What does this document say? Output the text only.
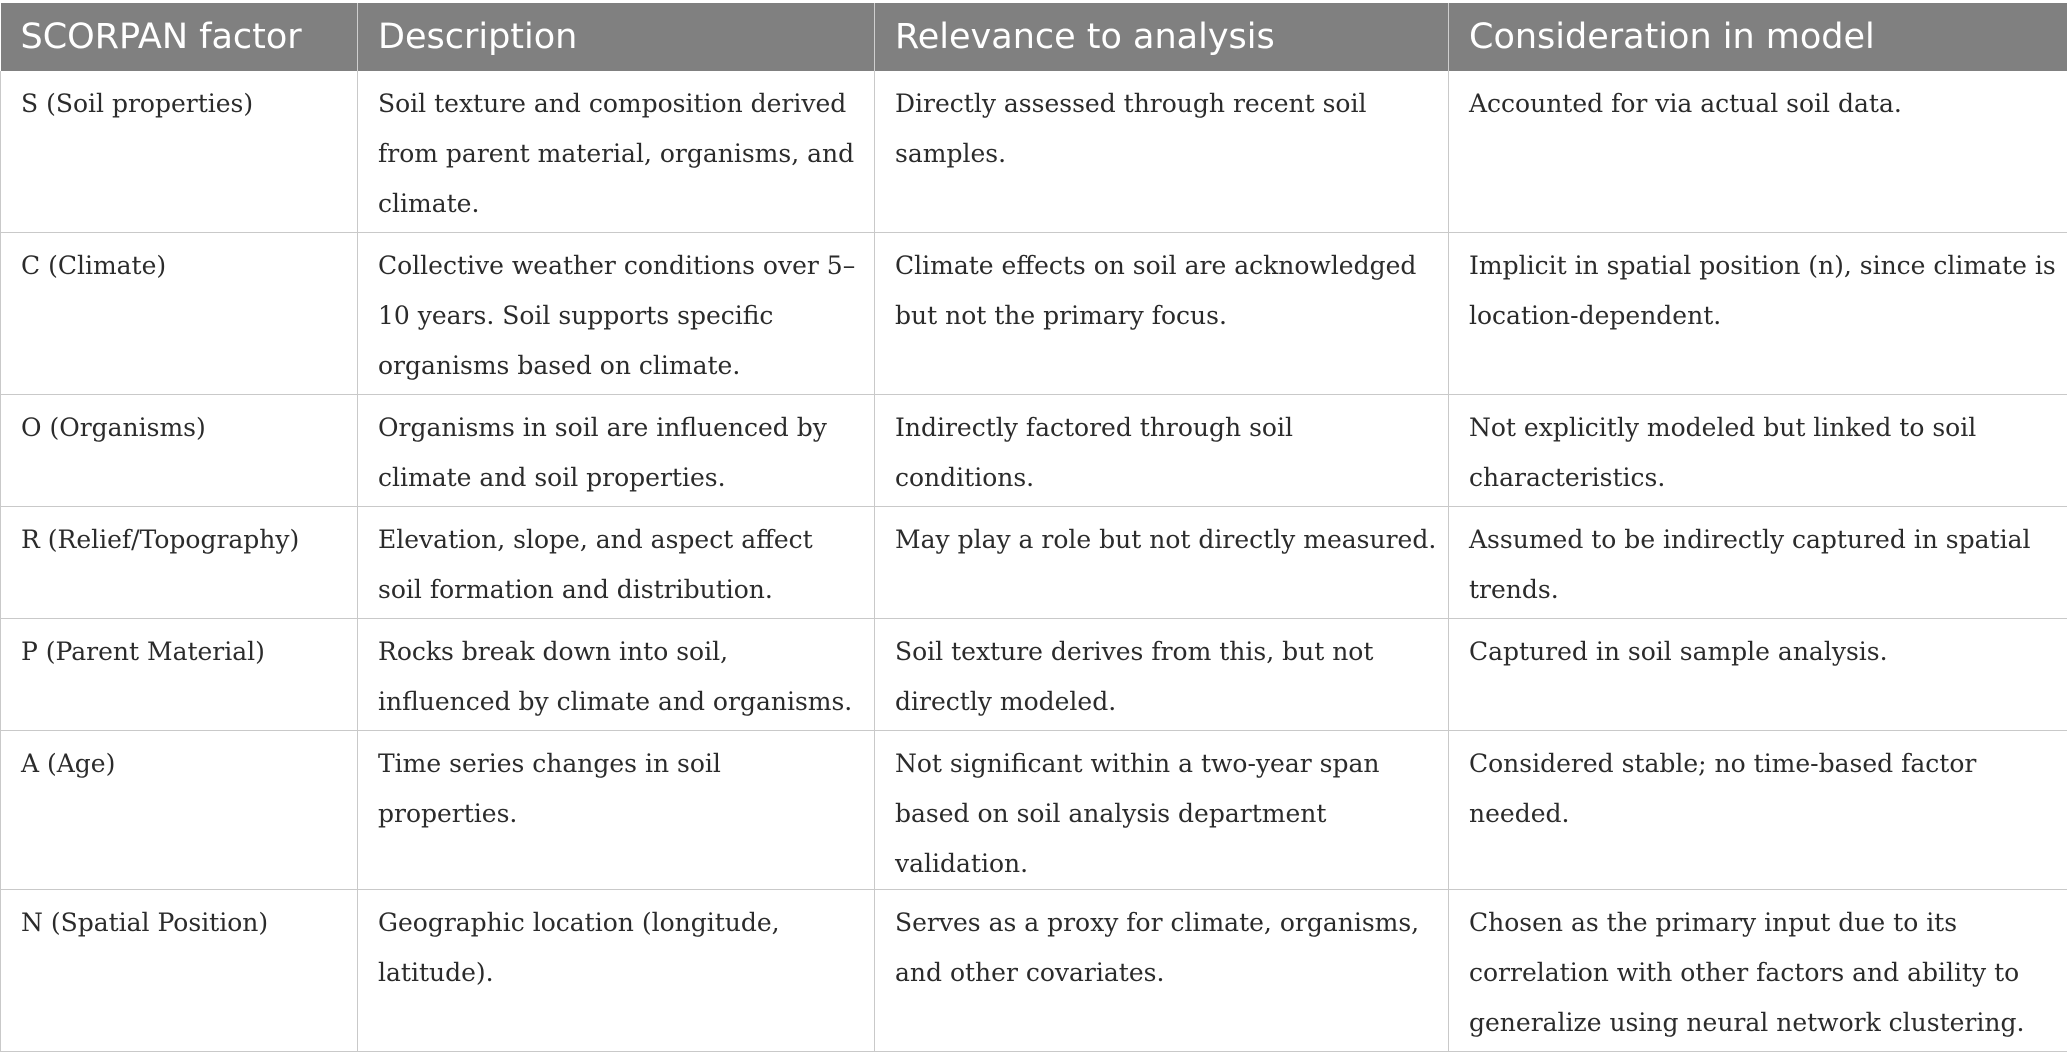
SCORPAN factor	Description	Relevance to analysis	Consideration in model
S (Soil properties)	Soil texture and composition derived from parent material, organisms, and climate.	Directly assessed through recent soil samples.	Accounted for via actual soil data.
C (Climate)	Collective weather conditions over 5–10 years. Soil supports specific organisms based on climate.	Climate effects on soil are acknowledged but not the primary focus.	Implicit in spatial position (n), since climate is location-dependent.
O (Organisms)	Organisms in soil are influenced by climate and soil properties.	Indirectly factored through soil conditions.	Not explicitly modeled but linked to soil characteristics.
R (Relief/Topography)	Elevation, slope, and aspect affect soil formation and distribution.	May play a role but not directly measured.	Assumed to be indirectly captured in spatial trends.
P (Parent Material)	Rocks break down into soil, influenced by climate and organisms.	Soil texture derives from this, but not directly modeled.	Captured in soil sample analysis.
A (Age)	Time series changes in soil properties.	Not significant within a two-year span based on soil analysis department validation.	Considered stable; no time-based factor needed.
N (Spatial Position)	Geographic location (longitude, latitude).	Serves as a proxy for climate, organisms, and other covariates.	Chosen as the primary input due to its correlation with other factors and ability to generalize using neural network clustering.
